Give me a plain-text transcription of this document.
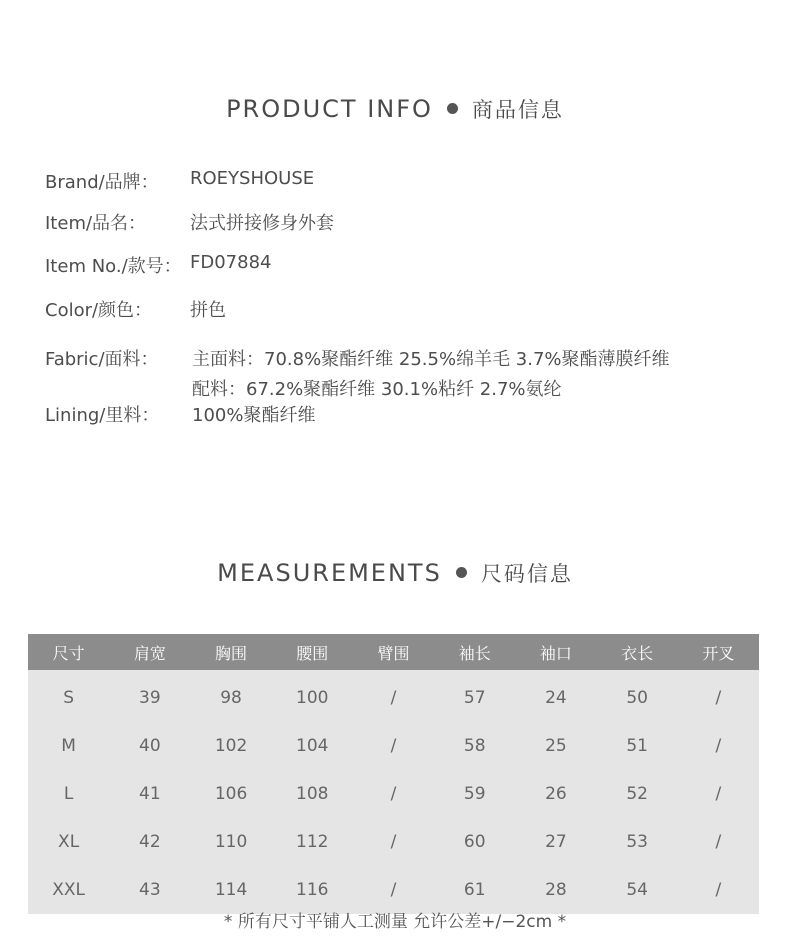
PRODUCT INFO 商品信息
Brand/品牌： ROEYSHOUSE
Item/品名： 法式拼接修身外套
Item No./款号： FD07884
Color/颜色： 拼色
Fabric/面料： 主面料：70.8%聚酯纤维 25.5%绵羊毛 3.7%聚酯薄膜纤维
配料：67.2%聚酯纤维 30.1%粘纤 2.7%氨纶
Lining/里料： 100%聚酯纤维
MEASUREMENTS 尺码信息
尺寸	肩宽	胸围	腰围	臂围	袖长	袖口	衣长	开叉
S	39	98	100	/	57	24	50	/
M	40	102	104	/	58	25	51	/
L	41	106	108	/	59	26	52	/
XL	42	110	112	/	60	27	53	/
XXL	43	114	116	/	61	28	54	/
* 所有尺寸平铺人工测量 允许公差+/−2cm *
